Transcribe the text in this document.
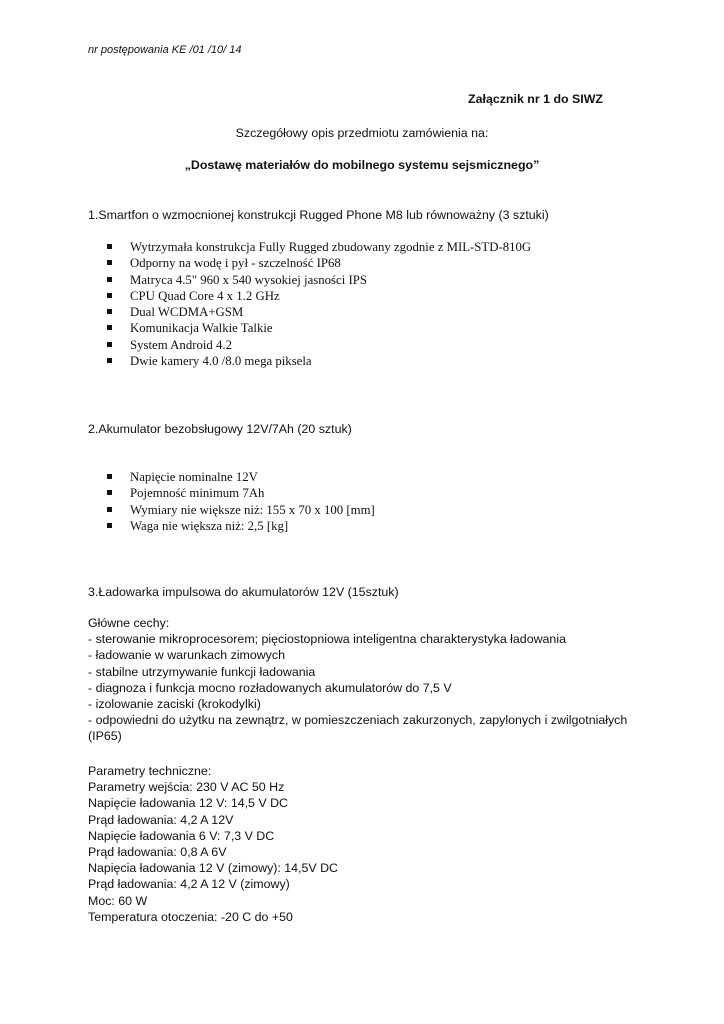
nr postępowania KE /01 /10/ 14
Załącznik nr 1 do SIWZ
Szczegółowy opis przedmiotu zamówienia na:
„Dostawę materiałów do mobilnego systemu sejsmicznego”
1.Smartfon o wzmocnionej konstrukcji Rugged Phone M8 lub równoważny (3 sztuki)
Wytrzymała konstrukcja Fully Rugged zbudowany zgodnie z MIL-STD-810G
Odporny na wodę i pył - szczelność IP68
Matryca 4.5" 960 x 540 wysokiej jasności IPS
CPU Quad Core 4 x 1.2 GHz
Dual WCDMA+GSM
Komunikacja Walkie Talkie
System Android 4.2
Dwie kamery 4.0 /8.0 mega piksela
2.Akumulator bezobsługowy 12V/7Ah (20 sztuk)
Napięcie nominalne 12V
Pojemność minimum 7Ah
Wymiary nie większe niż: 155 x 70 x 100 [mm]
Waga nie większa niż: 2,5 [kg]
3.Ładowarka impulsowa do akumulatorów 12V (15sztuk)
Główne cechy:
- sterowanie mikroprocesorem; pięciostopniowa inteligentna charakterystyka ładowania
- ładowanie w warunkach zimowych
- stabilne utrzymywanie funkcji ładowania
- diagnoza i funkcja mocno rozładowanych akumulatorów do 7,5 V
- izolowanie zaciski (krokodylki)
- odpowiedni do użytku na zewnątrz, w pomieszczeniach zakurzonych, zapylonych i zwilgotniałych (IP65)
Parametry techniczne:
Parametry wejścia: 230 V AC 50 Hz
Napięcie ładowania 12 V: 14,5 V DC
Prąd ładowania: 4,2 A 12V
Napięcie ładowania 6 V: 7,3 V DC
Prąd ładowania: 0,8 A 6V
Napięcia ładowania 12 V (zimowy): 14,5V DC
Prąd ładowania: 4,2 A 12 V (zimowy)
Moc: 60 W
Temperatura otoczenia: -20 C do +50
